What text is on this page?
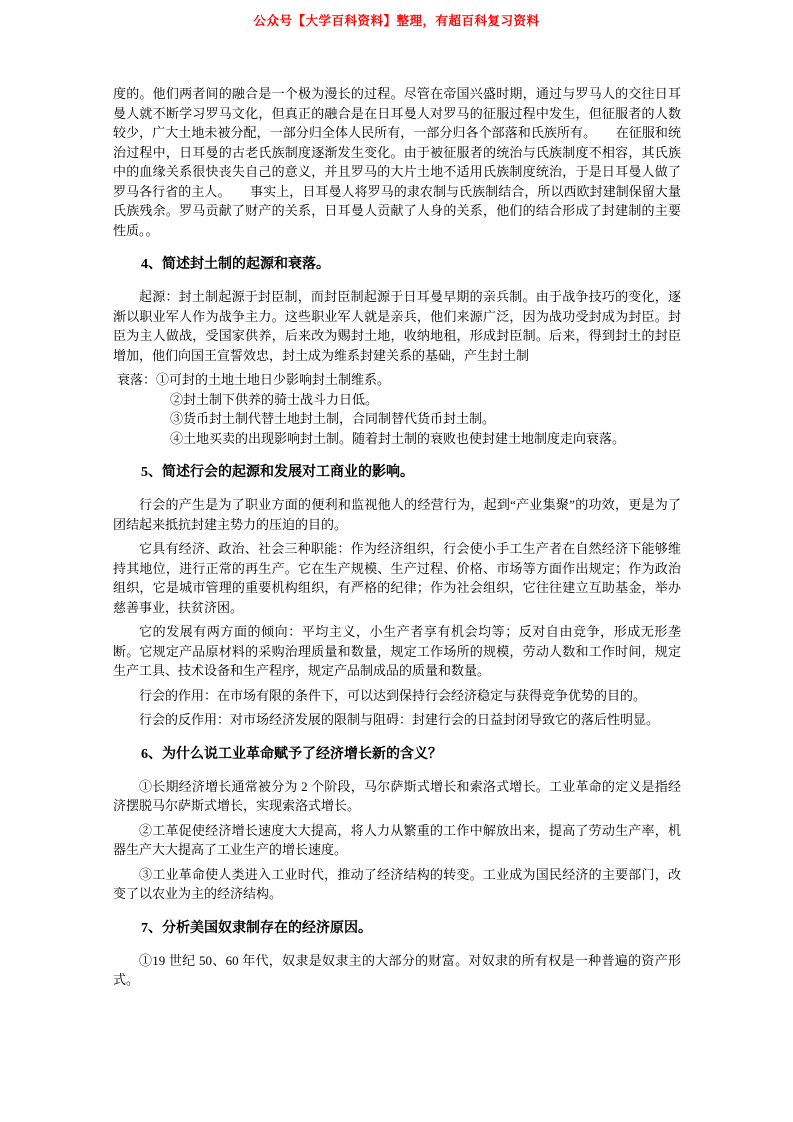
公众号【大学百科资料】整理，有超百科复习资料

度的。他们两者间的融合是一个极为漫长的过程。尽管在帝国兴盛时期，通过与罗马人的交往日耳曼人就不断学习罗马文化，但真正的融合是在日耳曼人对罗马的征服过程中发生，但征服者的人数较少，广大土地未被分配，一部分归全体人民所有，一部分归各个部落和氏族所有。　　在征服和统治过程中，日耳曼的古老氏族制度逐渐发生变化。由于被征服者的统治与氏族制度不相容，其氏族中的血缘关系很快丧失自己的意义，并且罗马的大片土地不适用氏族制度统治，于是日耳曼人做了罗马各行省的主人。　　事实上，日耳曼人将罗马的隶农制与氏族制结合，所以西欧封建制保留大量氏族残余。罗马贡献了财产的关系，日耳曼人贡献了人身的关系，他们的结合形成了封建制的主要性质。。

4、简述封土制的起源和衰落。

起源：封土制起源于封臣制，而封臣制起源于日耳曼早期的亲兵制。由于战争技巧的变化，逐渐以职业军人作为战争主力。这些职业军人就是亲兵，他们来源广泛，因为战功受封成为封臣。封臣为主人做战，受国家供养，后来改为赐封土地，收纳地租，形成封臣制。后来，得到封土的封臣增加，他们向国王宣誓效忠，封土成为维系封建关系的基础，产生封土制

衰落：①可封的土地土地日少影响封土制维系。

②封土制下供养的骑士战斗力日低。

③货币封土制代替土地封土制，合同制替代货币封土制。

④土地买卖的出现影响封土制。随着封土制的衰败也使封建土地制度走向衰落。

5、简述行会的起源和发展对工商业的影响。

行会的产生是为了职业方面的便利和监视他人的经营行为，起到“产业集聚”的功效，更是为了团结起来抵抗封建主势力的压迫的目的。

它具有经济、政治、社会三种职能：作为经济组织，行会使小手工生产者在自然经济下能够维持其地位，进行正常的再生产。它在生产规模、生产过程、价格、市场等方面作出规定；作为政治组织，它是城市管理的重要机构组织，有严格的纪律；作为社会组织，它往往建立互助基金，举办慈善事业，扶贫济困。

它的发展有两方面的倾向：平均主义，小生产者享有机会均等；反对自由竞争，形成无形垄断。它规定产品原材料的采购治理质量和数量，规定工作场所的规模，劳动人数和工作时间，规定生产工具、技术设备和生产程序，规定产品制成品的质量和数量。

行会的作用：在市场有限的条件下，可以达到保持行会经济稳定与获得竞争优势的目的。

行会的反作用：对市场经济发展的限制与阻碍：封建行会的日益封闭导致它的落后性明显。

6、为什么说工业革命赋予了经济增长新的含义？

①长期经济增长通常被分为 2 个阶段，马尔萨斯式增长和索洛式增长。工业革命的定义是指经济摆脱马尔萨斯式增长，实现索洛式增长。

②工革促使经济增长速度大大提高，将人力从繁重的工作中解放出来，提高了劳动生产率，机器生产大大提高了工业生产的增长速度。

③工业革命使人类进入工业时代，推动了经济结构的转变。工业成为国民经济的主要部门，改变了以农业为主的经济结构。

7、分析美国奴隶制存在的经济原因。

①19 世纪 50、60 年代，奴隶是奴隶主的大部分的财富。对奴隶的所有权是一种普遍的资产形式。
